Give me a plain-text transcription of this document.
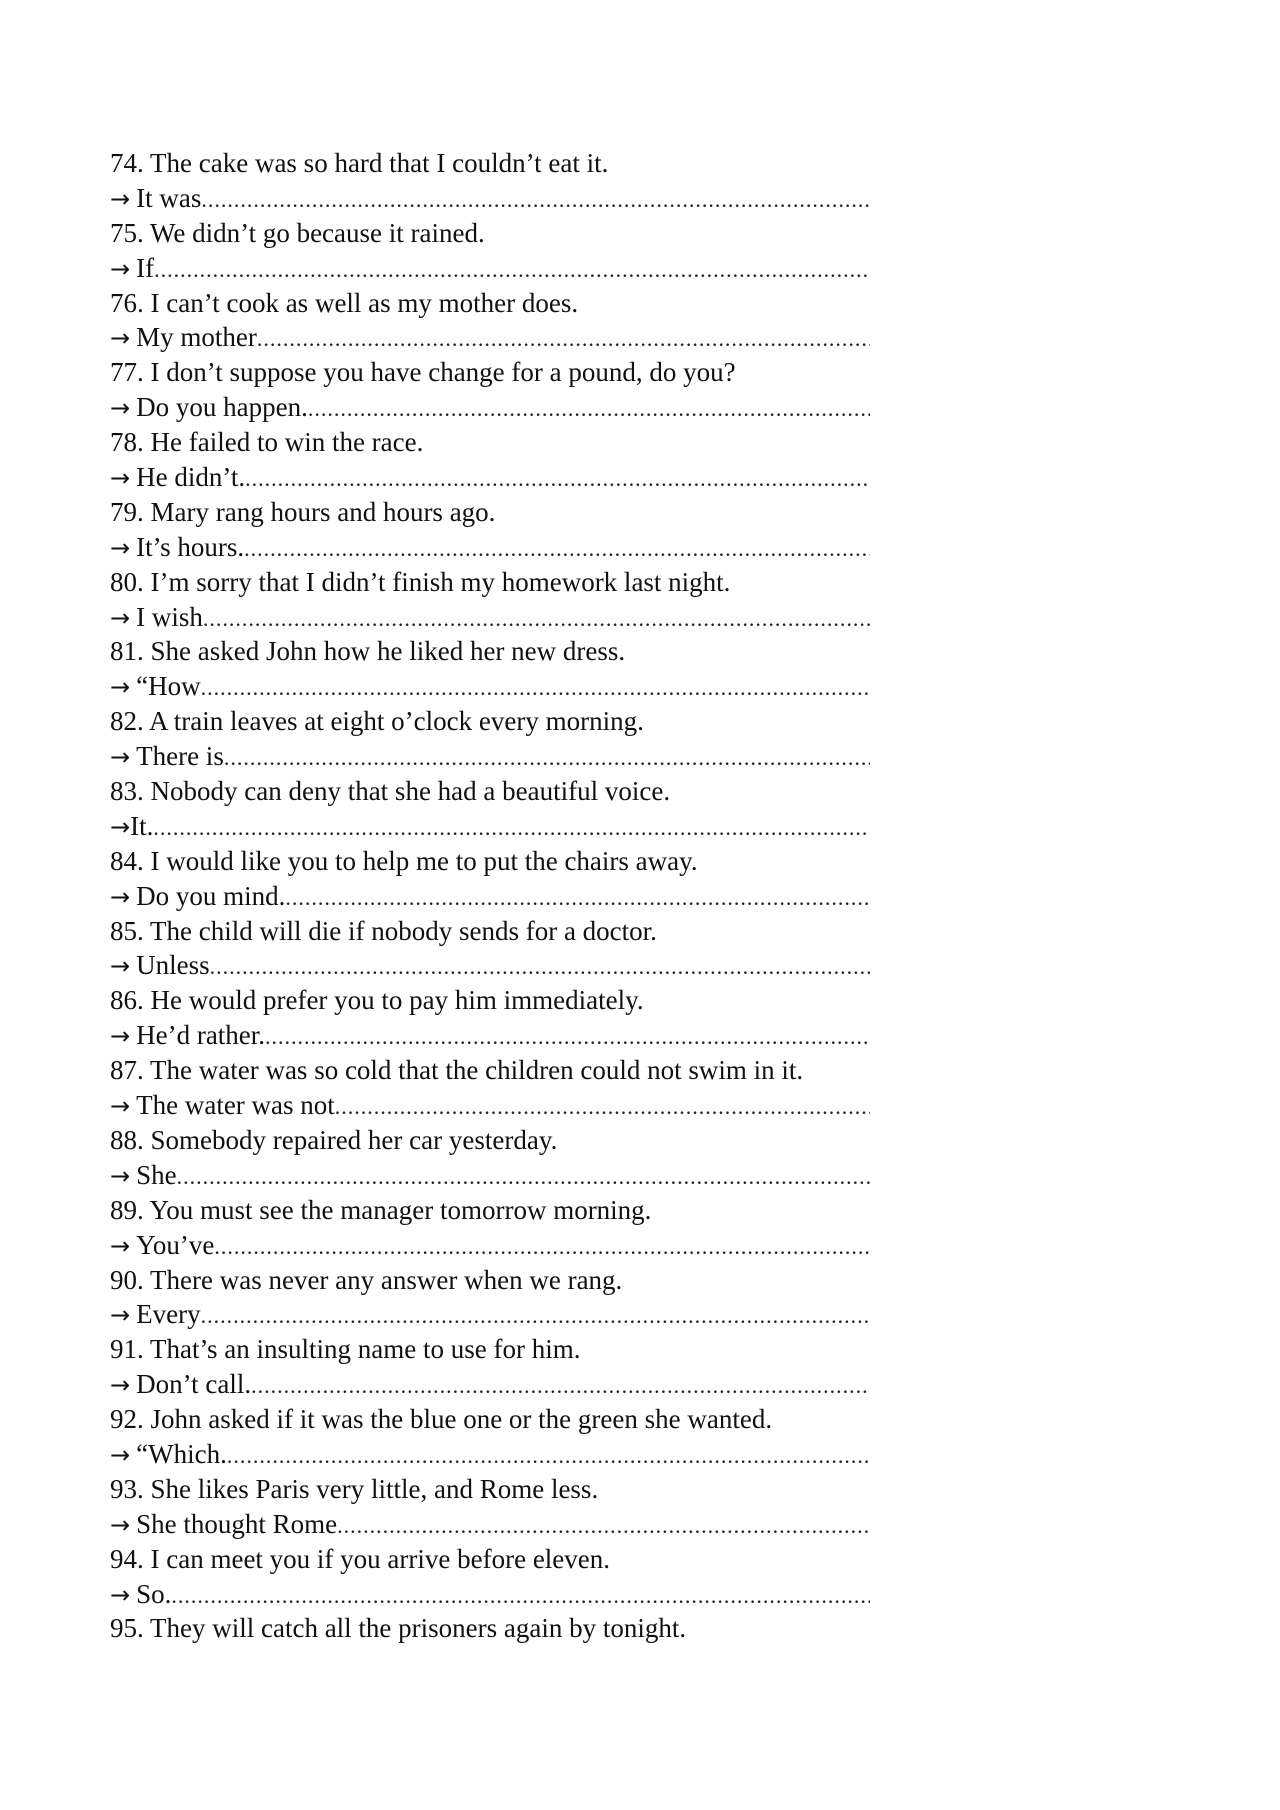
74. The cake was so hard that I couldn’t eat it.
→ It was
.....
75. We didn’t go because it rained.
→ If
.....
76. I can’t cook as well as my mother does.
→ My mother
.....
77. I don’t suppose you have change for a pound, do you?
→ Do you happen.
.....
78. He failed to win the race.
→ He didn’t.
.....
79. Mary rang hours and hours ago.
→ It’s hours.
.....
80. I’m sorry that I didn’t finish my homework last night.
→ I wish
.....
81. She asked John how he liked her new dress.
→ “How
.....
82. A train leaves at eight o’clock every morning.
→ There is
.....
83. Nobody can deny that she had a beautiful voice.
→ It.
.....
84. I would like you to help me to put the chairs away.
→ Do you mind.
.....
85. The child will die if nobody sends for a doctor.
→ Unless
.....
86. He would prefer you to pay him immediately.
→ He’d rather.
.....
87. The water was so cold that the children could not swim in it.
→ The water was not
.....
88. Somebody repaired her car yesterday.
→ She
.....
89. You must see the manager tomorrow morning.
→ You’ve
.....
90. There was never any answer when we rang.
→ Every
.....
91. That’s an insulting name to use for him.
→ Don’t call.
.....
92. John asked if it was the blue one or the green she wanted.
→ “Which.
.....
93. She likes Paris very little, and Rome less.
→ She thought Rome
.....
94. I can meet you if you arrive before eleven.
→ So.
.....
95. They will catch all the prisoners again by tonight.
